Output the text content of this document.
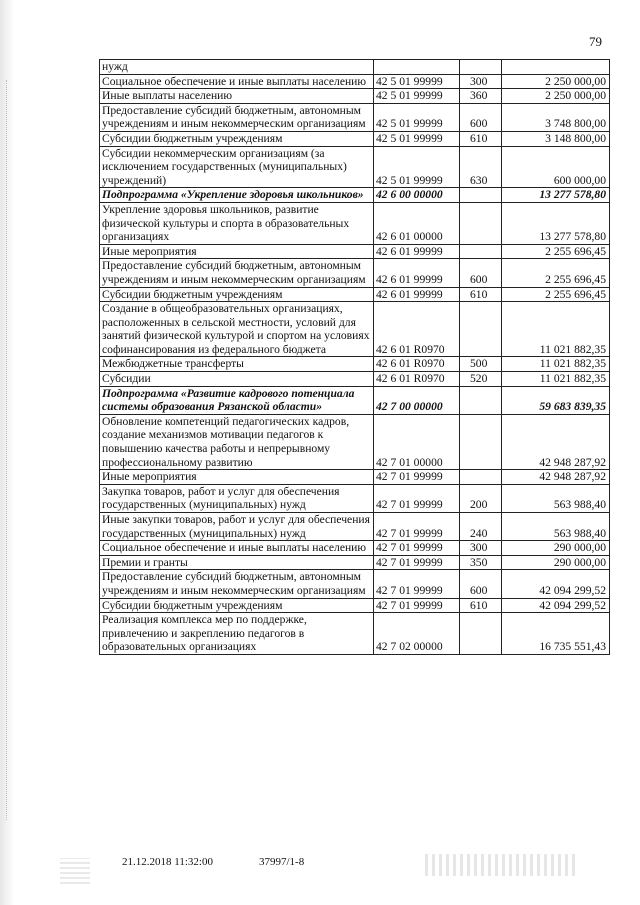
79
нужд			
Социальное обеспечение и иные выплаты населению	42 5 01 99999	300	2 250 000,00
Иные выплаты населению	42 5 01 99999	360	2 250 000,00
Предоставление субсидий бюджетным, автономным учреждениям и иным некоммерческим организациям	42 5 01 99999	600	3 748 800,00
Субсидии бюджетным учреждениям	42 5 01 99999	610	3 148 800,00
Субсидии некоммерческим организациям (за исключением государственных (муниципальных) учреждений)	42 5 01 99999	630	600 000,00
Подпрограмма «Укрепление здоровья школьников»	42 6 00 00000		13 277 578,80
Укрепление здоровья школьников, развитие физической культуры и спорта в образовательных организациях	42 6 01 00000		13 277 578,80
Иные мероприятия	42 6 01 99999		2 255 696,45
Предоставление субсидий бюджетным, автономным учреждениям и иным некоммерческим организациям	42 6 01 99999	600	2 255 696,45
Субсидии бюджетным учреждениям	42 6 01 99999	610	2 255 696,45
Создание в общеобразовательных организациях, расположенных в сельской местности, условий для занятий физической культурой и спортом на условиях софинансирования из федерального бюджета	42 6 01 R0970		11 021 882,35
Межбюджетные трансферты	42 6 01 R0970	500	11 021 882,35
Субсидии	42 6 01 R0970	520	11 021 882,35
Подпрограмма «Развитие кадрового потенциала системы образования Рязанской области»	42 7 00 00000		59 683 839,35
Обновление компетенций педагогических кадров, создание механизмов мотивации педагогов к повышению качества работы и непрерывному профессиональному развитию	42 7 01 00000		42 948 287,92
Иные мероприятия	42 7 01 99999		42 948 287,92
Закупка товаров, работ и услуг для обеспечения государственных (муниципальных) нужд	42 7 01 99999	200	563 988,40
Иные закупки товаров, работ и услуг для обеспечения государственных (муниципальных) нужд	42 7 01 99999	240	563 988,40
Социальное обеспечение и иные выплаты населению	42 7 01 99999	300	290 000,00
Премии и гранты	42 7 01 99999	350	290 000,00
Предоставление субсидий бюджетным, автономным учреждениям и иным некоммерческим организациям	42 7 01 99999	600	42 094 299,52
Субсидии бюджетным учреждениям	42 7 01 99999	610	42 094 299,52
Реализация комплекса мер по поддержке, привлечению и закреплению педагогов в образовательных организациях	42 7 02 00000		16 735 551,43
21.12.2018 11:32:00	37997/1-8
